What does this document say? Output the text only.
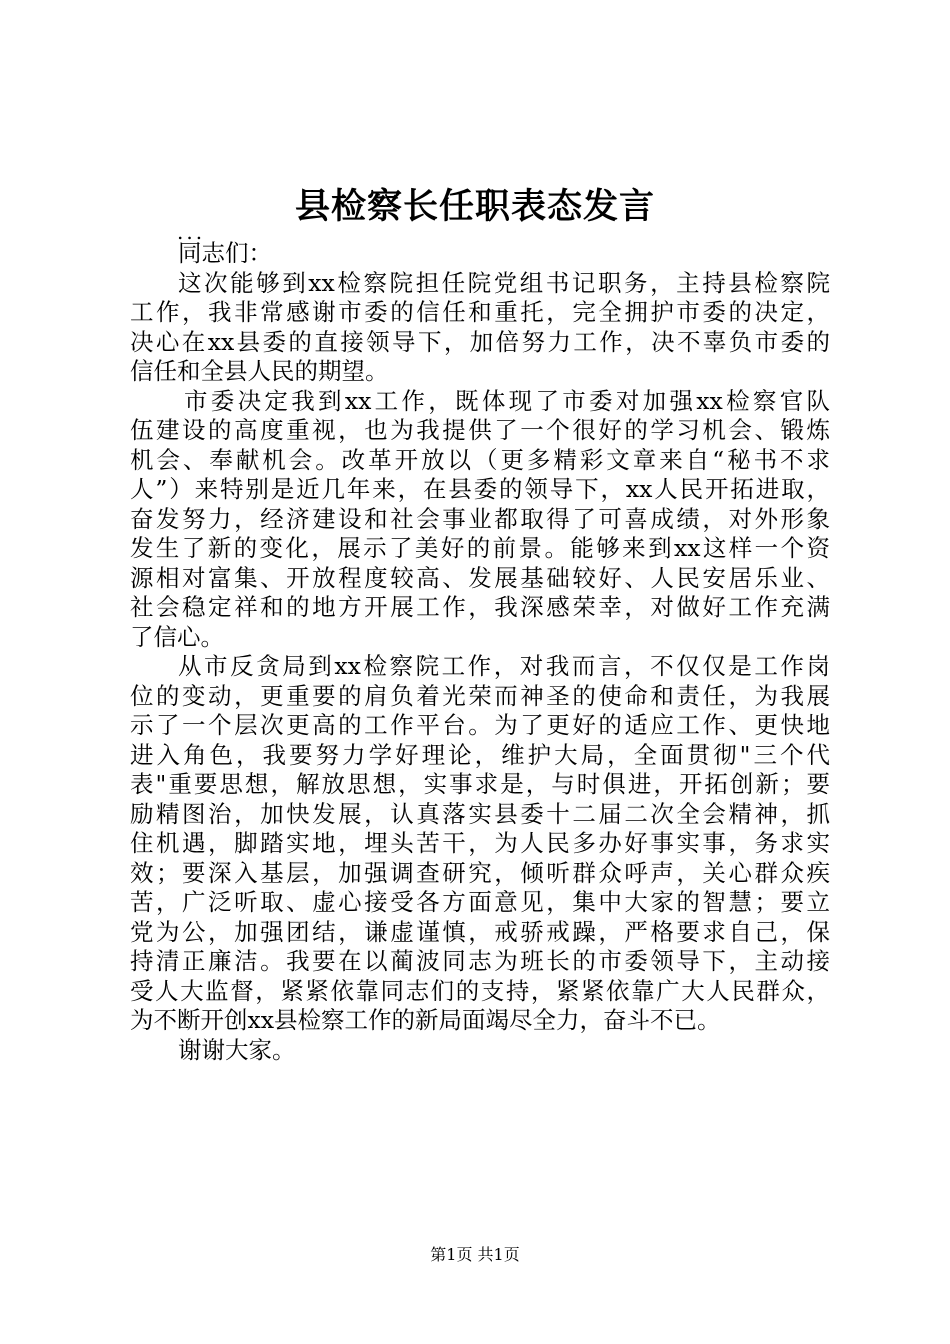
县检察长任职表态发言
...
同志们：
这次能够到xx检察院担任院党组书记职务，主持县检察院
工作，我非常感谢市委的信任和重托，完全拥护市委的决定，
决心在xx县委的直接领导下，加倍努力工作，决不辜负市委的
信任和全县人民的期望。
市委决定我到xx工作，既体现了市委对加强xx检察官队
伍建设的高度重视，也为我提供了一个很好的学习机会、锻炼
机会、奉献机会。改革开放以（更多精彩文章来自“秘书不求
人”）来特别是近几年来，在县委的领导下，xx人民开拓进取，
奋发努力，经济建设和社会事业都取得了可喜成绩，对外形象
发生了新的变化，展示了美好的前景。能够来到xx这样一个资
源相对富集、开放程度较高、发展基础较好、人民安居乐业、
社会稳定祥和的地方开展工作，我深感荣幸，对做好工作充满
了信心。
从市反贪局到xx检察院工作，对我而言，不仅仅是工作岗
位的变动，更重要的肩负着光荣而神圣的使命和责任，为我展
示了一个层次更高的工作平台。为了更好的适应工作、更快地
进入角色，我要努力学好理论，维护大局，全面贯彻"三个代
表"重要思想，解放思想，实事求是，与时俱进，开拓创新；要
励精图治，加快发展，认真落实县委十二届二次全会精神，抓
住机遇，脚踏实地，埋头苦干，为人民多办好事实事，务求实
效；要深入基层，加强调查研究，倾听群众呼声，关心群众疾
苦，广泛听取、虚心接受各方面意见，集中大家的智慧；要立
党为公，加强团结，谦虚谨慎，戒骄戒躁，严格要求自己，保
持清正廉洁。我要在以蔺波同志为班长的市委领导下，主动接
受人大监督，紧紧依靠同志们的支持，紧紧依靠广大人民群众，
为不断开创xx县检察工作的新局面竭尽全力，奋斗不已。
谢谢大家。
第1页 共1页
